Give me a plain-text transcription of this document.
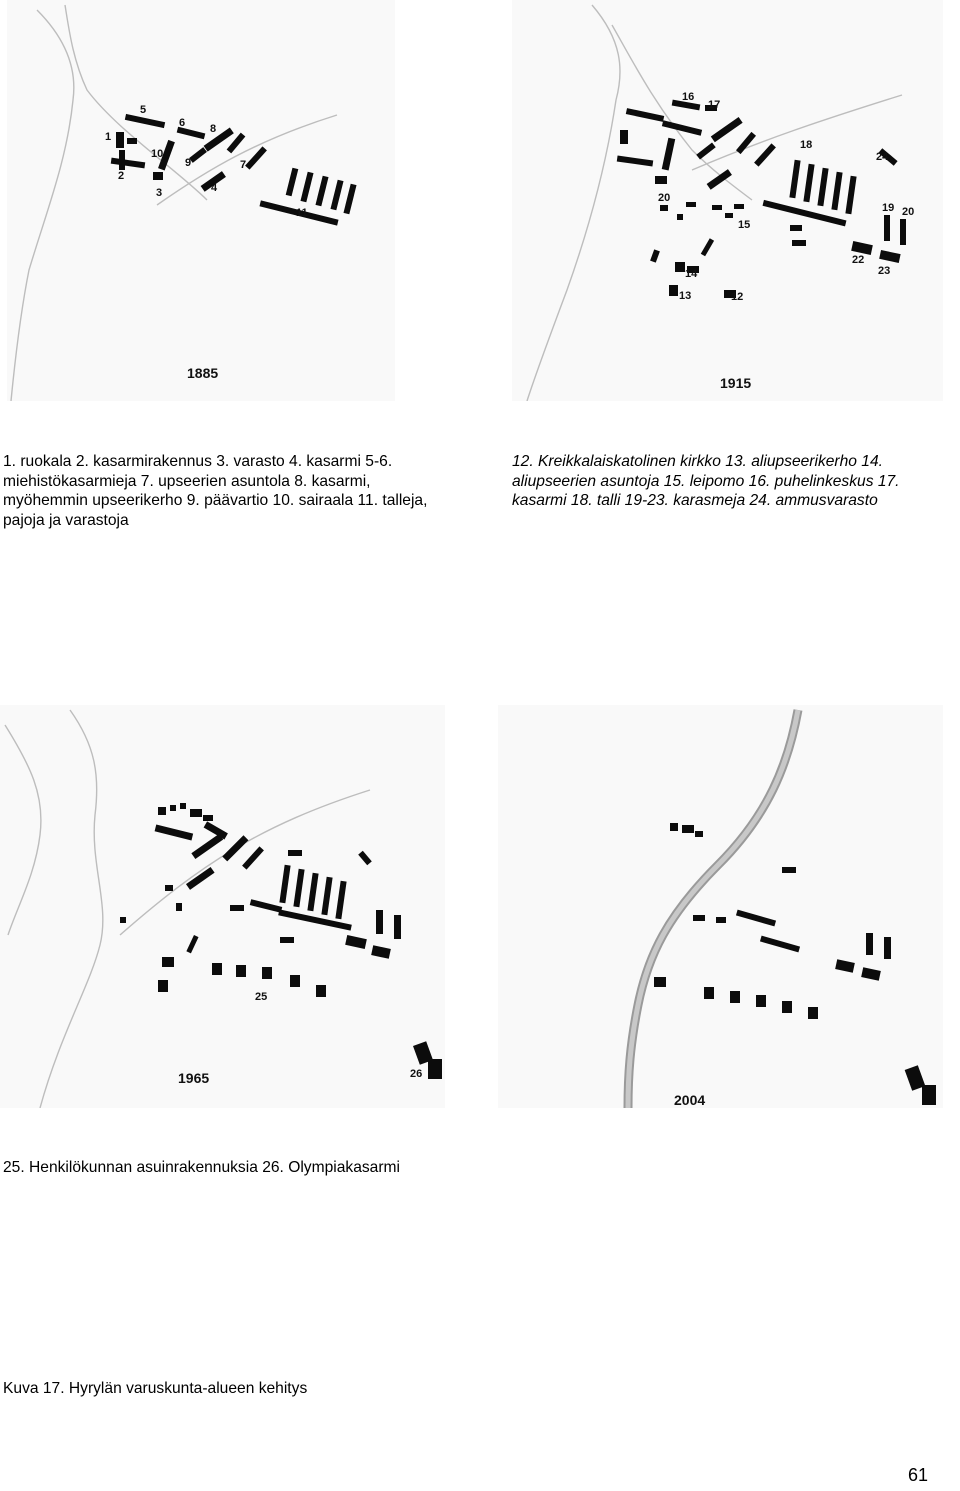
5
6
1
10
8
9	7
2
3	4
11
1885
16
17
18
24
20
15
19 20
22
23
14
13	12
1915

1. ruokala 2. kasarmirakennus 3. varasto 4. kasarmi 5-6. miehistökasarmieja 7. upseerien asuntola 8. kasarmi, myöhemmin upseerikerho 9. päävartio 10. sairaala 11. talleja, pajoja ja varastoja

12. Kreikkalaiskatolinen kirkko 13. aliupseerikerho 14. aliupseerien asuntoja 15. leipomo 16. puhelinkeskus 17. kasarmi 18. talli 19-23. karasmeja 24. ammusvarasto

25
26
1965
2004

25. Henkilökunnan asuinrakennuksia 26. Olympiakasarmi

Kuva 17. Hyrylän varuskunta-alueen kehitys

61
